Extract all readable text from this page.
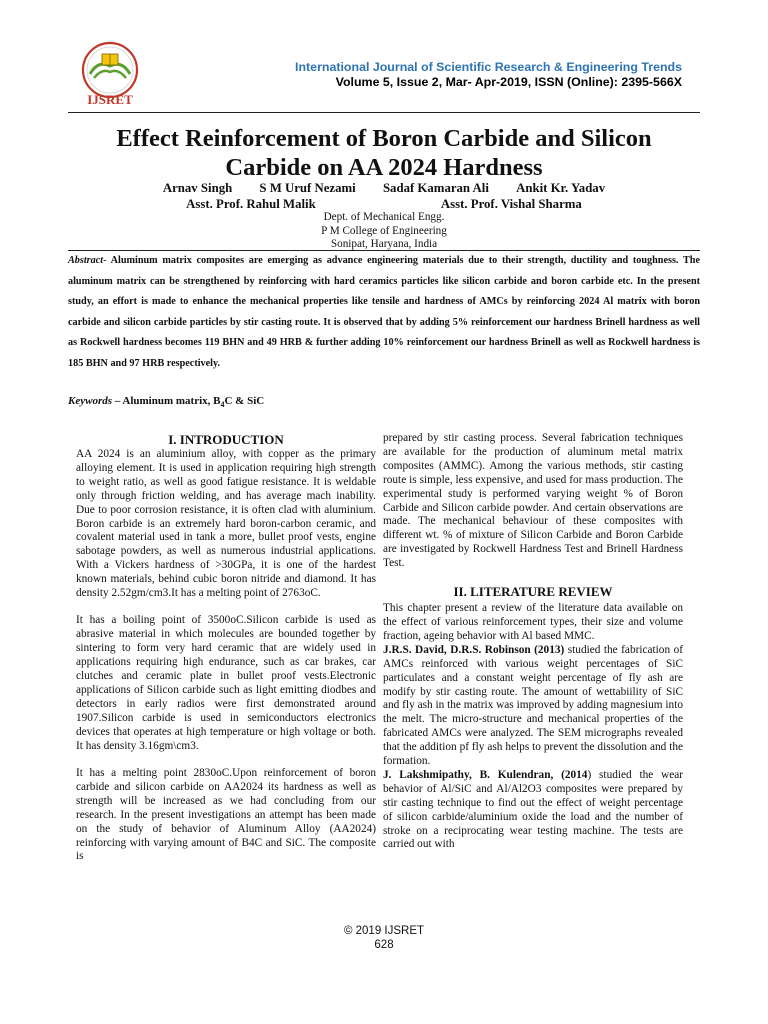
IJSRET
International Journal of Scientific Research & Engineering Trends
Volume 5, Issue 2, Mar- Apr-2019, ISSN (Online): 2395-566X
Effect Reinforcement of Boron Carbide and Silicon
Carbide on AA 2024 Hardness
Arnav Singh S M Uruf Nezami Sadaf Kamaran Ali Ankit Kr. Yadav
Asst. Prof. Rahul Malik	Asst. Prof. Vishal Sharma
Dept. of Mechanical Engg.
P M College of Engineering
Sonipat, Haryana, India
Abstract- Aluminum matrix composites are emerging as advance engineering materials due to their strength, ductility and toughness. The aluminum matrix can be strengthened by reinforcing with hard ceramics particles like silicon carbide and boron carbide etc. In the present study, an effort is made to enhance the mechanical properties like tensile and hardness of AMCs by reinforcing 2024 Al matrix with boron carbide and silicon carbide particles by stir casting route. It is observed that by adding 5% reinforcement our hardness Brinell hardness as well as Rockwell hardness becomes 119 BHN and 49 HRB & further adding 10% reinforcement our hardness Brinell as well as Rockwell hardness is 185 BHN and 97 HRB respectively.
Keywords – Aluminum matrix, $B_4C$ & SiC
I. INTRODUCTION

AA 2024 is an aluminium alloy, with copper as the primary alloying element. It is used in application requiring high strength to weight ratio, as well as good fatigue resistance. It is weldable only through friction welding, and has average mach inability. Due to poor corrosion resistance, it is often clad with aluminium. Boron carbide is an extremely hard boron-carbon ceramic, and covalent material used in tank a more, bullet proof vests, engine sabotage powders, as well as numerous industrial applications. With a Vickers hardness of >30GPa, it is one of the hardest known materials, behind cubic boron nitride and diamond. It has density 2.52gm/cm3.It has a melting point of 2763oC.

It has a boiling point of 3500oC.Silicon carbide is used as abrasive material in which molecules are bounded together by sintering to form very hard ceramic that are widely used in applications requiring high endurance, such as car brakes, car clutches and ceramic plate in bullet proof vests.Electronic applications of Silicon carbide such as light emitting diodbes and detectors in early radios were first demonstrated around 1907.Silicon carbide is used in semiconductors electronics devices that operates at high temperature or high voltage or both. It has density 3.16gm\cm3.

It has a melting point 2830oC.Upon reinforcement of boron carbide and silicon carbide on AA2024 its hardness as well as strength will be increased as we had concluding from our research. In the present investigations an attempt has been made on the study of behavior of Aluminum Alloy (AA2024) reinforcing with varying amount of B4C and SiC. The composite is

prepared by stir casting process. Several fabrication techniques are available for the production of aluminum metal matrix composites (AMMC). Among the various methods, stir casting route is simple, less expensive, and used for mass production. The experimental study is performed varying weight % of Boron Carbide and Silicon carbide powder. And certain observations are made. The mechanical behaviour of these composites with different wt. % of mixture of Silicon Carbide and Boron Carbide are investigated by Rockwell Hardness Test and Brinell Hardness Test.

II. LITERATURE REVIEW

This chapter present a review of the literature data available on the effect of various reinforcement types, their size and volume fraction, ageing behavior with Al based MMC.

J.R.S. David, D.R.S. Robinson (2013) studied the fabrication of AMCs reinforced with various weight percentages of SiC particulates and a constant weight percentage of fly ash are modify by stir casting route. The amount of wettabiility of SiC and fly ash in the matrix was improved by adding magnesium into the melt. The micro-structure and mechanical properties of the fabricated AMCs were analyzed. The SEM micrographs revealed that the addition pf fly ash helps to prevent the dissolution and the formation.

J. Lakshmipathy, B. Kulendran, (2014) studied the wear behavior of Al/SiC and Al/Al2O3 composites were prepared by stir casting technique to find out the effect of weight percentage of silicon carbide/aluminium oxide the load and the number of stroke on a reciprocating wear testing machine. The tests are carried out with

© 2019 IJSRET
628
